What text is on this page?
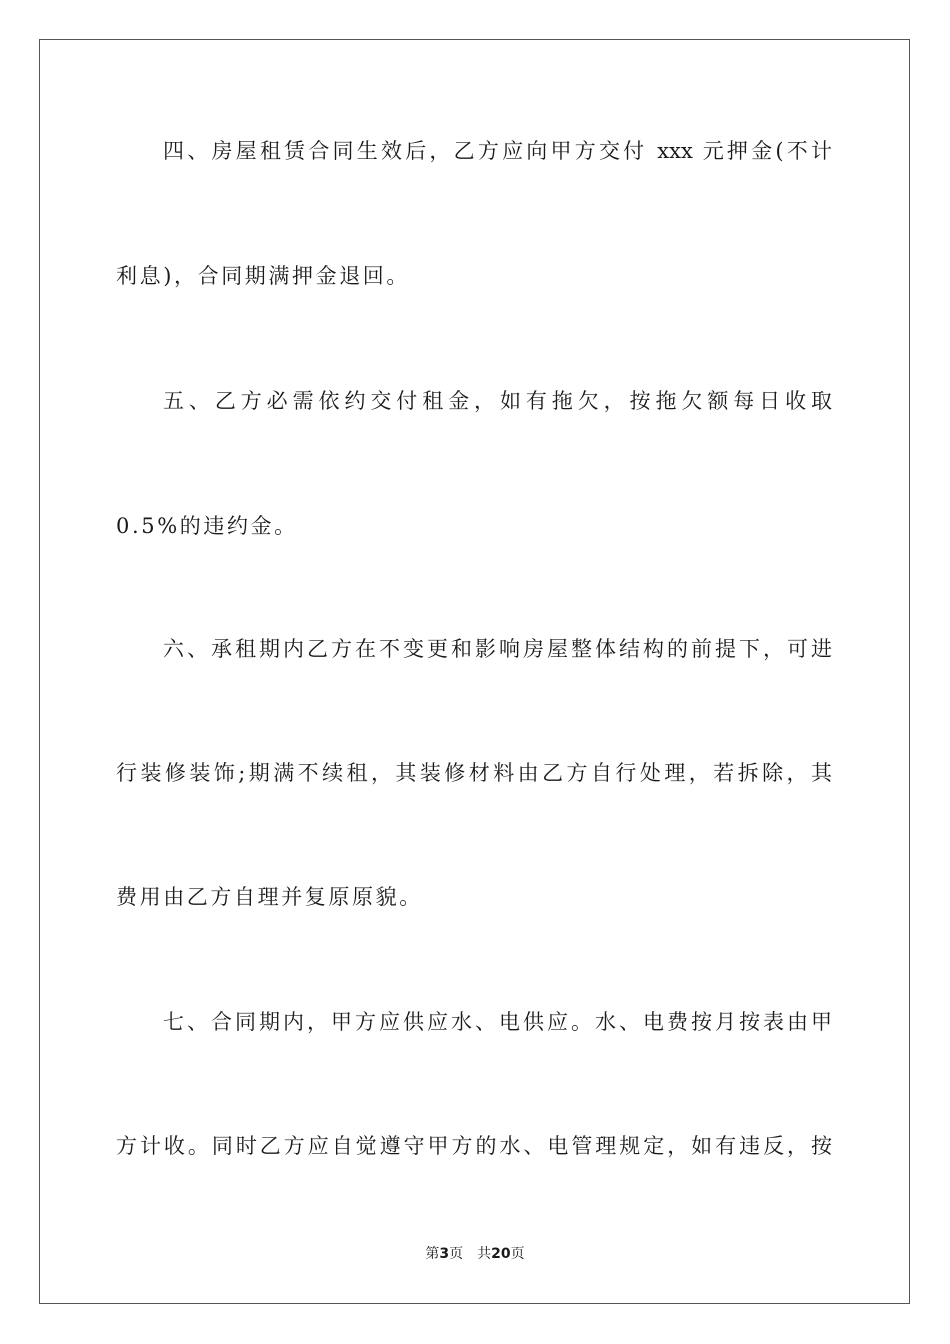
四、房屋租赁合同生效后，乙方应向甲方交付 xxx 元押金(不计
利息)，合同期满押金退回。
五、乙方必需依约交付租金，如有拖欠，按拖欠额每日收取
0.5%的违约金。
六、承租期内乙方在不变更和影响房屋整体结构的前提下，可进
行装修装饰;期满不续租，其装修材料由乙方自行处理，若拆除，其
费用由乙方自理并复原原貌。
七、合同期内，甲方应供应水、电供应。水、电费按月按表由甲
方计收。同时乙方应自觉遵守甲方的水、电管理规定，如有违反，按
第3页 共20页
